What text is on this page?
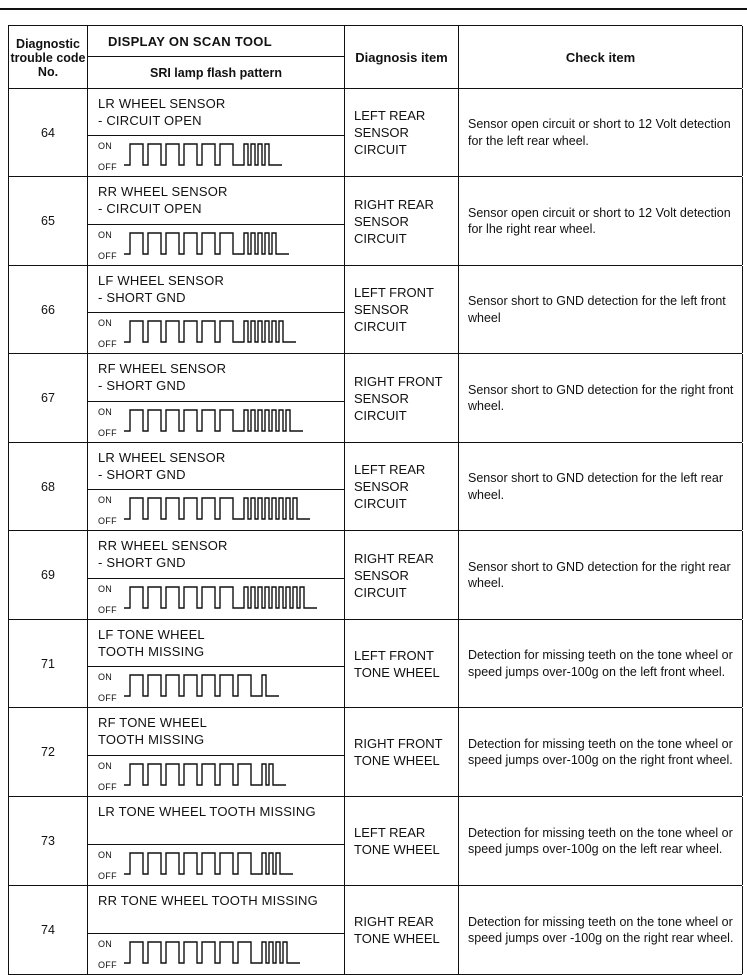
Diagnostic trouble code No.
DISPLAY ON SCAN TOOL
SRI lamp flash pattern
Diagnosis item	Check item
64
LR WHEEL SENSOR
- CIRCUIT OPEN
ON
OFF
LEFT REAR
SENSOR
CIRCUIT
Sensor open circuit or short to 12 Volt detection for the left rear wheel.
65
RR WHEEL SENSOR
- CIRCUIT OPEN
ON
OFF
RIGHT REAR
SENSOR
CIRCUIT
Sensor open circuit or short to 12 Volt detection for lhe right rear wheel.
66
LF WHEEL SENSOR
- SHORT GND
ON
OFF
LEFT FRONT
SENSOR
CIRCUIT
Sensor short to GND detection for the left front wheel
67
RF WHEEL SENSOR
- SHORT GND
ON
OFF
RIGHT FRONT
SENSOR
CIRCUIT
Sensor short to GND detection for the right front wheel.
68
LR WHEEL SENSOR
- SHORT GND
ON
OFF
LEFT REAR
SENSOR
CIRCUIT
Sensor short to GND detection for the left rear wheel.
69
RR WHEEL SENSOR
- SHORT GND
ON
OFF
RIGHT REAR
SENSOR
CIRCUIT
Sensor short to GND detection for the right rear wheel.
71
LF TONE WHEEL
TOOTH MISSING
ON
OFF
LEFT FRONT
TONE WHEEL
Detection for missing teeth on the tone wheel or speed jumps over-100g on the left front wheel.
72
RF TONE WHEEL
TOOTH MISSING
ON
OFF
RIGHT FRONT
TONE WHEEL
Detection for missing teeth on the tone wheel or speed jumps over-100g on the right front wheel.
73
LR TONE WHEEL TOOTH MISSING
ON
OFF
LEFT REAR
TONE WHEEL
Detection for missing teeth on the tone wheel or speed jumps over-100g on the left rear wheel.
74
RR TONE WHEEL TOOTH MISSING
ON
OFF
RIGHT REAR
TONE WHEEL
Detection for missing teeth on the tone wheel or speed jumps over -100g on the right rear wheel.
